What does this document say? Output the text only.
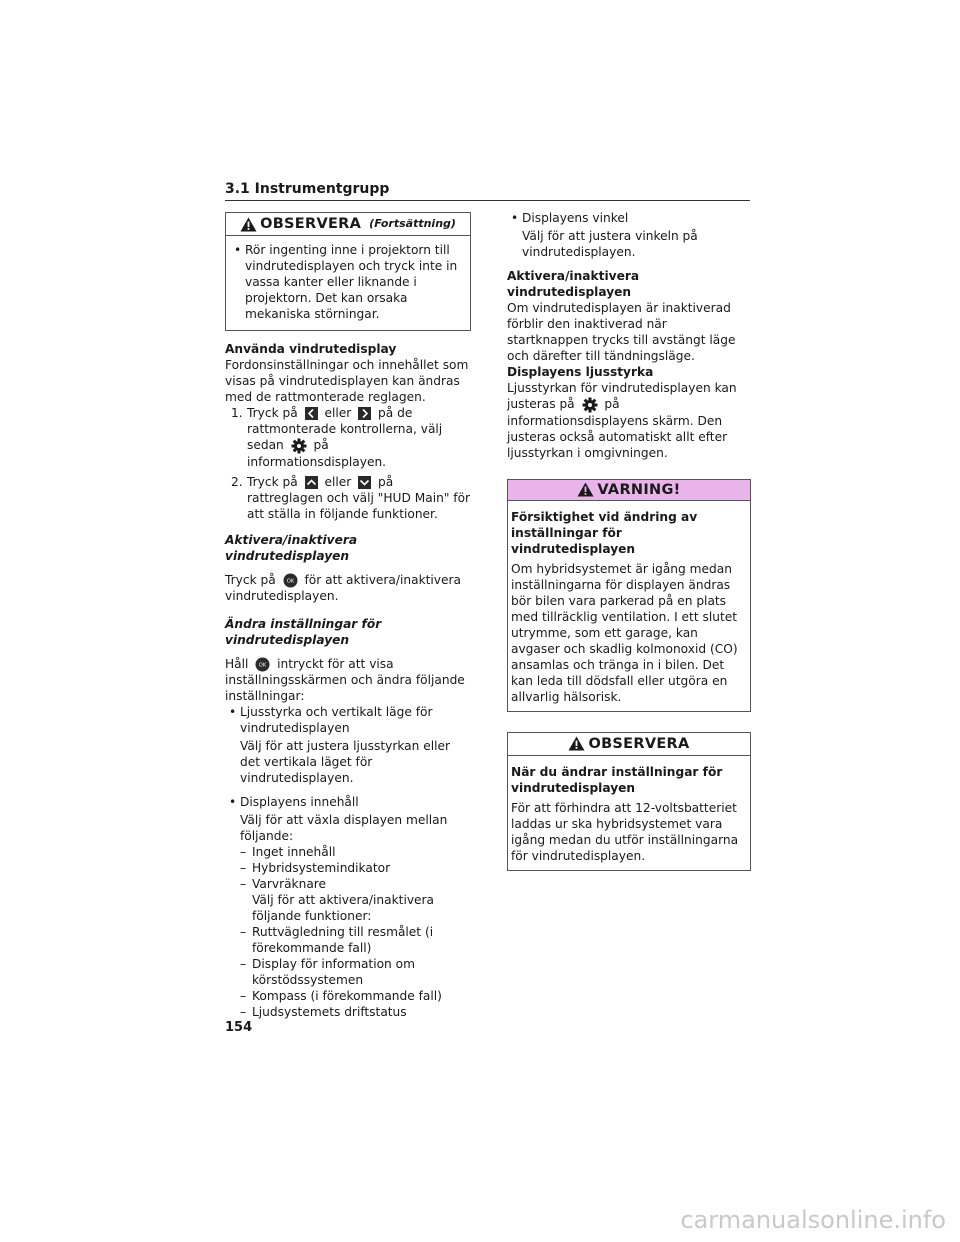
3.1 Instrumentgrupp
OBSERVERA (Fortsättning)

• Rör ingenting inne i projektorn till vindrutedisplayen och tryck inte in vassa kanter eller liknande i projektorn. Det kan orsaka mekaniska störningar.

Använda vindrutedisplay

Fordonsinställningar och innehållet som visas på vindrutedisplayen kan ändras med de rattmonterade reglagen.

1. Tryck på eller på de rattmonterade kontrollerna, välj sedan på informationsdisplayen.

2. Tryck på eller på rattreglagen och välj "HUD Main" för att ställa in följande funktioner.

Aktivera/inaktivera vindrutedisplayen

Tryck på OK för att aktivera/inaktivera vindrutedisplayen.

Ändra inställningar för vindrutedisplayen

Håll OK intryckt för att visa inställningsskärmen och ändra följande inställningar:

• Ljusstyrka och vertikalt läge för vindrutedisplayen

Välj för att justera ljusstyrkan eller det vertikala läget för vindrutedisplayen.

• Displayens innehåll

Välj för att växla displayen mellan följande:

– Inget innehåll

– Hybridsystemindikator

– Varvräknare

Välj för att aktivera/inaktivera följande funktioner:

– Ruttvägledning till resmålet (i förekommande fall)

– Display för information om körstödssystemen

– Kompass (i förekommande fall)

– Ljudsystemets driftstatus

• Displayens vinkel

Välj för att justera vinkeln på vindrutedisplayen.

Aktivera/inaktivera vindrutedisplayen

Om vindrutedisplayen är inaktiverad förblir den inaktiverad när startknappen trycks till avstängt läge och därefter till tändningsläge.

Displayens ljusstyrka

Ljusstyrkan för vindrutedisplayen kan justeras på på informationsdisplayens skärm. Den justeras också automatiskt allt efter ljusstyrkan i omgivningen.

VARNING!

Försiktighet vid ändring av inställningar för vindrutedisplayen

Om hybridsystemet är igång medan inställningarna för displayen ändras bör bilen vara parkerad på en plats med tillräcklig ventilation. I ett slutet utrymme, som ett garage, kan avgaser och skadlig kolmonoxid (CO) ansamlas och tränga in i bilen. Det kan leda till dödsfall eller utgöra en allvarlig hälsorisk.

OBSERVERA

När du ändrar inställningar för vindrutedisplayen

För att förhindra att 12-voltsbatteriet laddas ur ska hybridsystemet vara igång medan du utför inställningarna för vindrutedisplayen.

154
carmanualsonline.info
